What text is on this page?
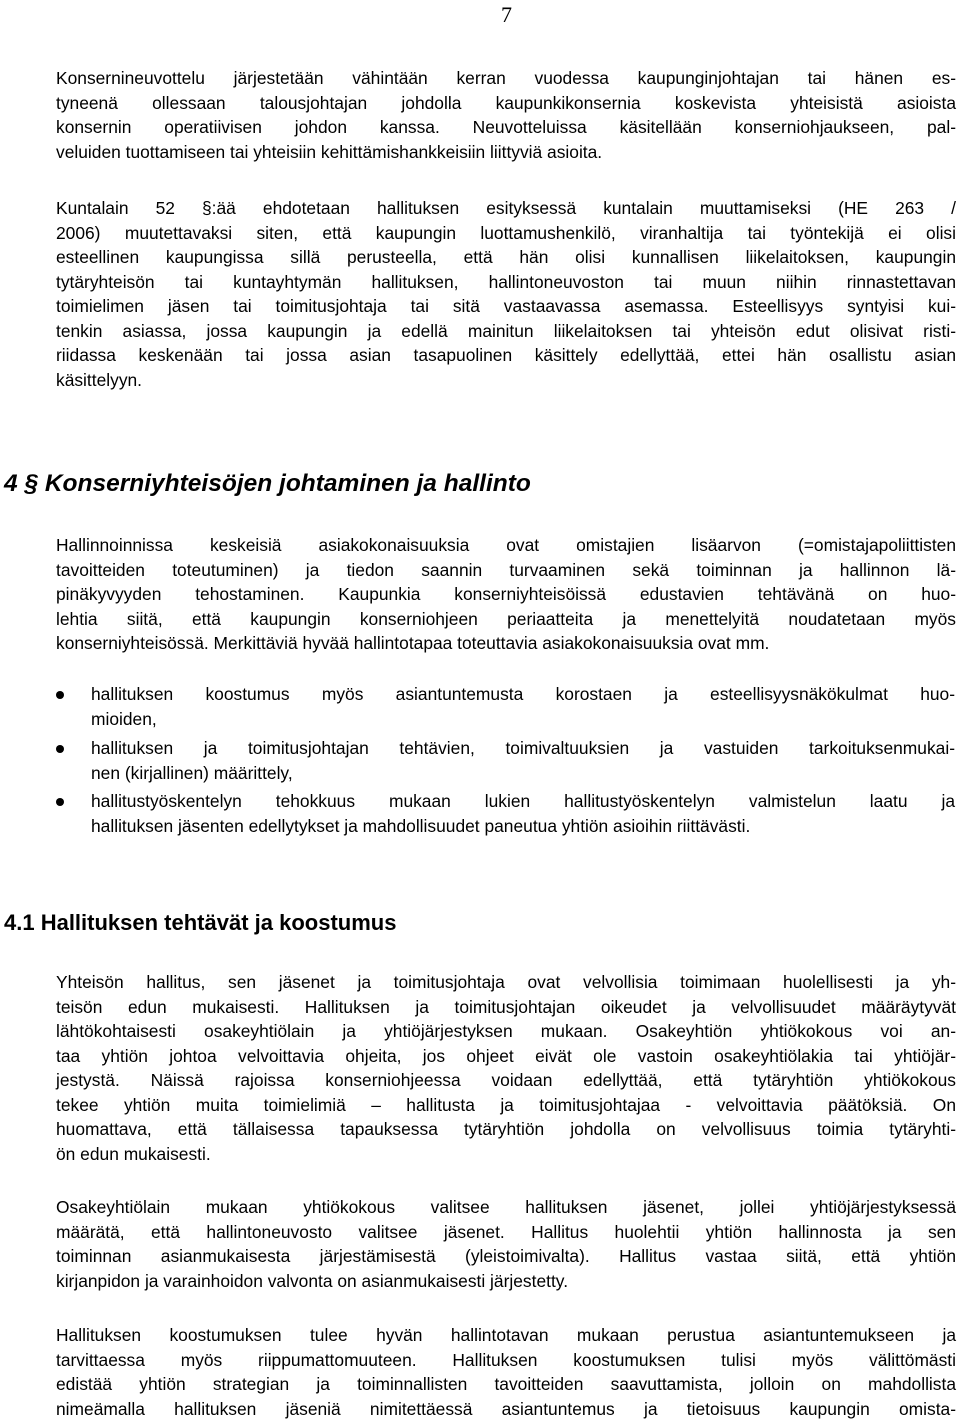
7
Konsernineuvottelu järjestetään vähintään kerran vuodessa kaupunginjohtajan tai hänen es-
tyneenä ollessaan talousjohtajan johdolla kaupunkikonsernia koskevista yhteisistä asioista
konsernin operatiivisen johdon kanssa. Neuvotteluissa käsitellään konserniohjaukseen, pal-
veluiden tuottamiseen tai yhteisiin kehittämishankkeisiin liittyviä asioita.
Kuntalain 52 §:ää ehdotetaan hallituksen esityksessä kuntalain muuttamiseksi (HE 263 /
2006) muutettavaksi siten, että kaupungin luottamushenkilö, viranhaltija tai työntekijä ei olisi
esteellinen kaupungissa sillä perusteella, että hän olisi kunnallisen liikelaitoksen, kaupungin
tytäryhteisön tai kuntayhtymän hallituksen, hallintoneuvoston tai muun niihin rinnastettavan
toimielimen jäsen tai toimitusjohtaja tai sitä vastaavassa asemassa. Esteellisyys syntyisi kui-
tenkin asiassa, jossa kaupungin ja edellä mainitun liikelaitoksen tai yhteisön edut olisivat risti-
riidassa keskenään tai jossa asian tasapuolinen käsittely edellyttää, ettei hän osallistu asian
käsittelyyn.
4 § Konserniyhteisöjen johtaminen ja hallinto
Hallinnoinnissa keskeisiä asiakokonaisuuksia ovat omistajien lisäarvon (=omistajapoliittisten
tavoitteiden toteutuminen) ja tiedon saannin turvaaminen sekä toiminnan ja hallinnon lä-
pinäkyvyyden tehostaminen. Kaupunkia konserniyhteisöissä edustavien tehtävänä on huo-
lehtia siitä, että kaupungin konserniohjeen periaatteita ja menettelyitä noudatetaan myös
konserniyhteisössä. Merkittäviä hyvää hallintotapaa toteuttavia asiakokonaisuuksia ovat mm.
hallituksen koostumus myös asiantuntemusta korostaen ja esteellisyysnäkökulmat huo-
mioiden,
hallituksen ja toimitusjohtajan tehtävien, toimivaltuuksien ja vastuiden tarkoituksenmukai-
nen (kirjallinen) määrittely,
hallitustyöskentelyn tehokkuus mukaan lukien hallitustyöskentelyn valmistelun laatu ja
hallituksen jäsenten edellytykset ja mahdollisuudet paneutua yhtiön asioihin riittävästi.
4.1 Hallituksen tehtävät ja koostumus
Yhteisön hallitus, sen jäsenet ja toimitusjohtaja ovat velvollisia toimimaan huolellisesti ja yh-
teisön edun mukaisesti. Hallituksen ja toimitusjohtajan oikeudet ja velvollisuudet määräytyvät
lähtökohtaisesti osakeyhtiölain ja yhtiöjärjestyksen mukaan. Osakeyhtiön yhtiökokous voi an-
taa yhtiön johtoa velvoittavia ohjeita, jos ohjeet eivät ole vastoin osakeyhtiölakia tai yhtiöjär-
jestystä. Näissä rajoissa konserniohjeessa voidaan edellyttää, että tytäryhtiön yhtiökokous
tekee yhtiön muita toimielimiä – hallitusta ja toimitusjohtajaa - velvoittavia päätöksiä. On
huomattava, että tällaisessa tapauksessa tytäryhtiön johdolla on velvollisuus toimia tytäryhti-
ön edun mukaisesti.
Osakeyhtiölain mukaan yhtiökokous valitsee hallituksen jäsenet, jollei yhtiöjärjestyksessä
määrätä, että hallintoneuvosto valitsee jäsenet. Hallitus huolehtii yhtiön hallinnosta ja sen
toiminnan asianmukaisesta järjestämisestä (yleistoimivalta). Hallitus vastaa siitä, että yhtiön
kirjanpidon ja varainhoidon valvonta on asianmukaisesti järjestetty.
Hallituksen koostumuksen tulee hyvän hallintotavan mukaan perustua asiantuntemukseen ja
tarvittaessa myös riippumattomuuteen. Hallituksen koostumuksen tulisi myös välittömästi
edistää yhtiön strategian ja toiminnallisten tavoitteiden saavuttamista, jolloin on mahdollista
nimeämalla hallituksen jäseniä nimitettäessä asiantuntemus ja tietoisuus kaupungin omista-
